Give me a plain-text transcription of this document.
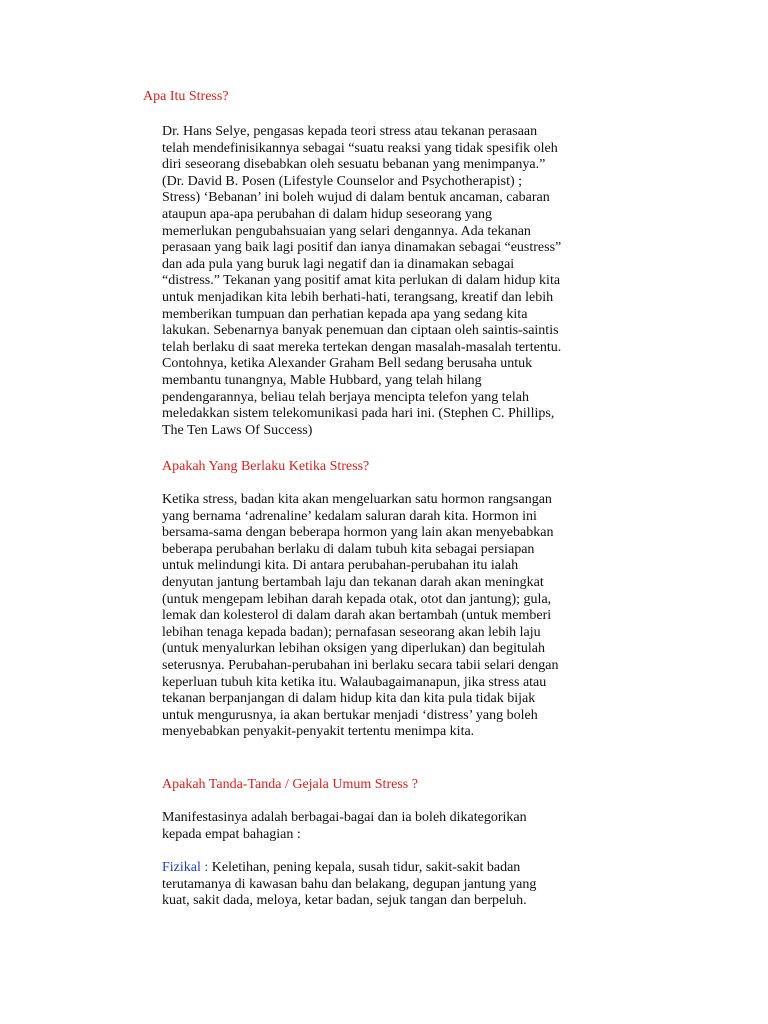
Apa Itu Stress?
Dr. Hans Selye, pengasas kepada teori stress atau tekanan perasaan
telah mendefinisikannya sebagai “suatu reaksi yang tidak spesifik oleh
diri seseorang disebabkan oleh sesuatu bebanan yang menimpanya.”
(Dr. David B. Posen (Lifestyle Counselor and Psychotherapist) ;
Stress) ‘Bebanan’ ini boleh wujud di dalam bentuk ancaman, cabaran
ataupun apa-apa perubahan di dalam hidup seseorang yang
memerlukan pengubahsuaian yang selari dengannya. Ada tekanan
perasaan yang baik lagi positif dan ianya dinamakan sebagai “eustress”
dan ada pula yang buruk lagi negatif dan ia dinamakan sebagai
“distress.” Tekanan yang positif amat kita perlukan di dalam hidup kita
untuk menjadikan kita lebih berhati-hati, terangsang, kreatif dan lebih
memberikan tumpuan dan perhatian kepada apa yang sedang kita
lakukan. Sebenarnya banyak penemuan dan ciptaan oleh saintis-saintis
telah berlaku di saat mereka tertekan dengan masalah-masalah tertentu.
Contohnya, ketika Alexander Graham Bell sedang berusaha untuk
membantu tunangnya, Mable Hubbard, yang telah hilang
pendengarannya, beliau telah berjaya mencipta telefon yang telah
meledakkan sistem telekomunikasi pada hari ini. (Stephen C. Phillips,
The Ten Laws Of Success)
Apakah Yang Berlaku Ketika Stress?
Ketika stress, badan kita akan mengeluarkan satu hormon rangsangan
yang bernama ‘adrenaline’ kedalam saluran darah kita. Hormon ini
bersama-sama dengan beberapa hormon yang lain akan menyebabkan
beberapa perubahan berlaku di dalam tubuh kita sebagai persiapan
untuk melindungi kita. Di antara perubahan-perubahan itu ialah
denyutan jantung bertambah laju dan tekanan darah akan meningkat
(untuk mengepam lebihan darah kepada otak, otot dan jantung); gula,
lemak dan kolesterol di dalam darah akan bertambah (untuk memberi
lebihan tenaga kepada badan); pernafasan seseorang akan lebih laju
(untuk menyalurkan lebihan oksigen yang diperlukan) dan begitulah
seterusnya. Perubahan-perubahan ini berlaku secara tabii selari dengan
keperluan tubuh kita ketika itu. Walaubagaimanapun, jika stress atau
tekanan berpanjangan di dalam hidup kita dan kita pula tidak bijak
untuk mengurusnya, ia akan bertukar menjadi ‘distress’ yang boleh
menyebabkan penyakit-penyakit tertentu menimpa kita.
Apakah Tanda-Tanda / Gejala Umum Stress ?
Manifestasinya adalah berbagai-bagai dan ia boleh dikategorikan
kepada empat bahagian :
Fizikal : Keletihan, pening kepala, susah tidur, sakit-sakit badan
terutamanya di kawasan bahu dan belakang, degupan jantung yang
kuat, sakit dada, meloya, ketar badan, sejuk tangan dan berpeluh.
